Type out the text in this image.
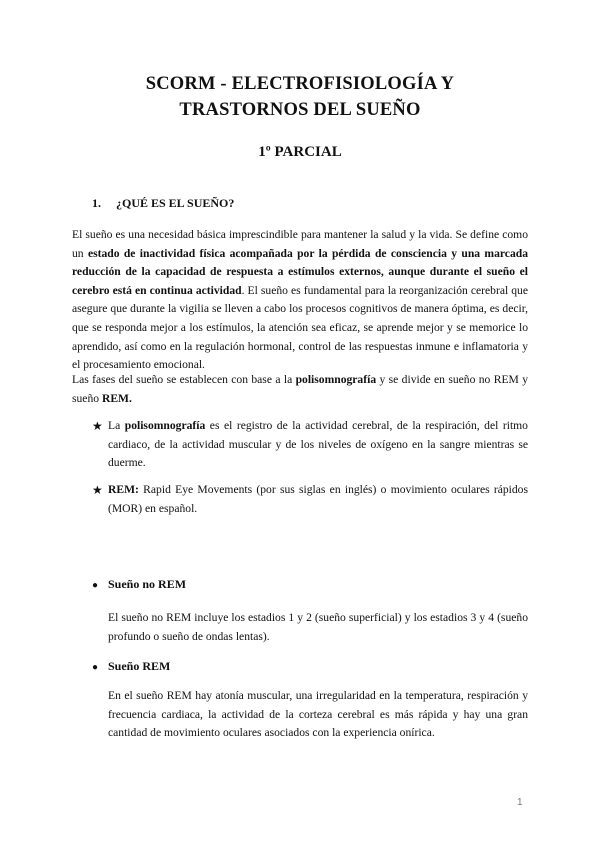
SCORM - ELECTROFISIOLOGÍA Y
TRASTORNOS DEL SUEÑO
1º PARCIAL
1. ¿QUÉ ES EL SUEÑO?

El sueño es una necesidad básica imprescindible para mantener la salud y la vida. Se define como un estado de inactividad física acompañada por la pérdida de consciencia y una marcada reducción de la capacidad de respuesta a estímulos externos, aunque durante el sueño el cerebro está en continua actividad. El sueño es fundamental para la reorganización cerebral que asegure que durante la vigilia se lleven a cabo los procesos cognitivos de manera óptima, es decir, que se responda mejor a los estímulos, la atención sea eficaz, se aprende mejor y se memorice lo aprendido, así como en la regulación hormonal, control de las respuestas inmune e inflamatoria y el procesamiento emocional.

Las fases del sueño se establecen con base a la polisomnografía y se divide en sueño no REM y sueño REM.

★ La polisomnografía es el registro de la actividad cerebral, de la respiración, del ritmo cardiaco, de la actividad muscular y de los niveles de oxígeno en la sangre mientras se duerme.

★ REM: Rapid Eye Movements (por sus siglas en inglés) o movimiento oculares rápidos (MOR) en español.

● Sueño no REM

El sueño no REM incluye los estadios 1 y 2 (sueño superficial) y los estadios 3 y 4 (sueño profundo o sueño de ondas lentas).

● Sueño REM

En el sueño REM hay atonía muscular, una irregularidad en la temperatura, respiración y frecuencia cardiaca, la actividad de la corteza cerebral es más rápida y hay una gran cantidad de movimiento oculares asociados con la experiencia onírica.

1
